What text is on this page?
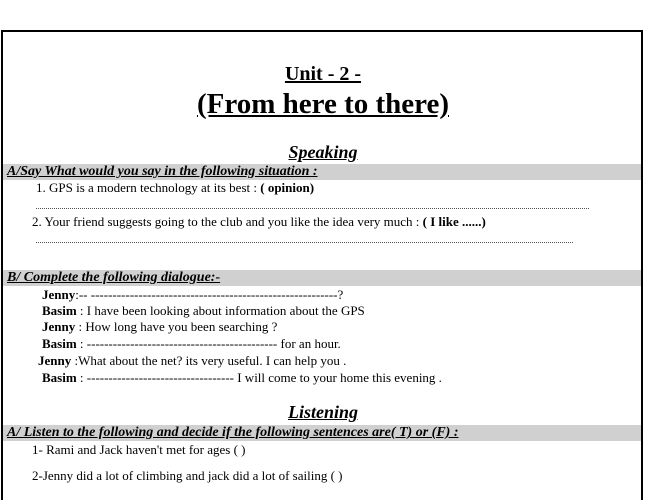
Unit - 2 -
(From here to there)
Speaking
A/Say What would you say in the following situation :
1. GPS is a modern technology at its best : ( opinion)
2. Your friend suggests going to the club and you like the idea very much : ( I like ......)
B/ Complete the following dialogue:-
Jenny:-- ---------------------------------------------------------?
Basim : I have been looking about information about the GPS
Jenny : How long have you been searching ?
Basim : -------------------------------------------- for an hour.
Jenny :What about the net? its very useful. I can help you .
Basim : ---------------------------------- I will come to your home this evening .
Listening
A/ Listen to the following and decide if the following sentences are( T) or (F) :
1- Rami and Jack haven't met for ages ( )
2-Jenny did a lot of climbing and jack did a lot of sailing ( )
